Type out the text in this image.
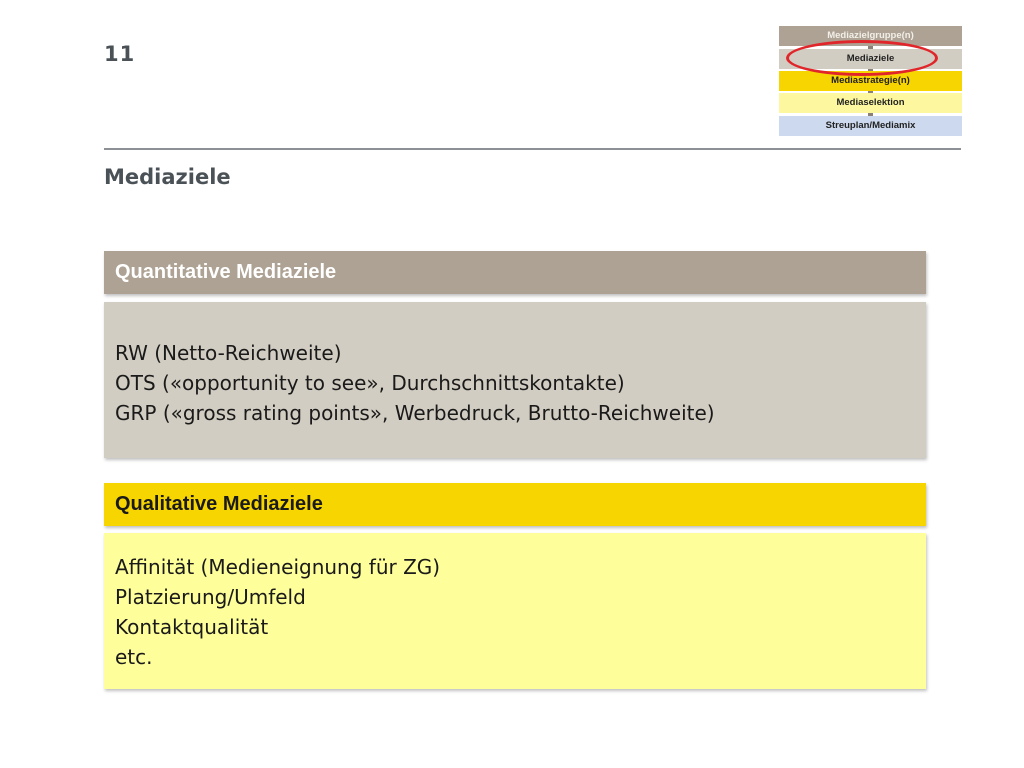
11
Mediazielgruppe(n)
Mediaziele
Mediastrategie(n)
Mediaselektion
Streuplan/Mediamix
Mediaziele
Quantitative Mediaziele
RW (Netto-Reichweite)
OTS («opportunity to see», Durchschnittskontakte)
GRP («gross rating points», Werbedruck, Brutto-Reichweite)
Qualitative Mediaziele
Affinität (Medieneignung für ZG)
Platzierung/Umfeld
Kontaktqualität
etc.
